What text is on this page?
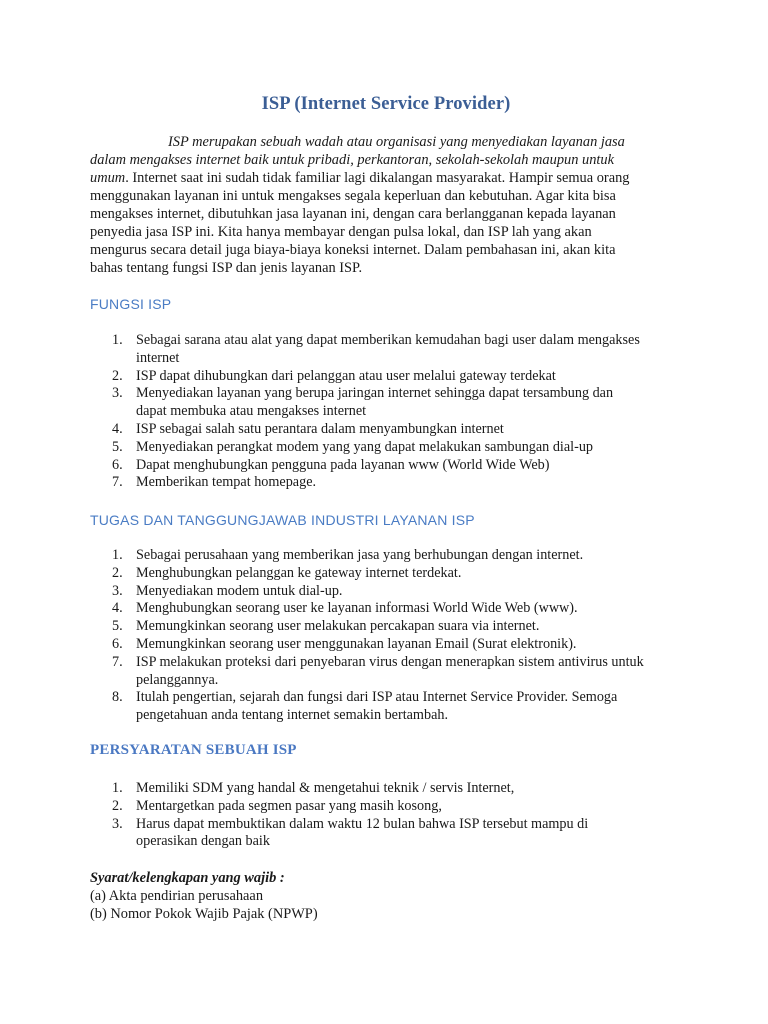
ISP (Internet Service Provider)
ISP merupakan sebuah wadah atau organisasi yang menyediakan layanan jasa
dalam mengakses internet baik untuk pribadi, perkantoran, sekolah-sekolah maupun untuk
umum. Internet saat ini sudah tidak familiar lagi dikalangan masyarakat. Hampir semua orang
menggunakan layanan ini untuk mengakses segala keperluan dan kebutuhan. Agar kita bisa
mengakses internet, dibutuhkan jasa layanan ini, dengan cara berlangganan kepada layanan
penyedia jasa ISP ini. Kita hanya membayar dengan pulsa lokal, dan ISP lah yang akan
mengurus secara detail juga biaya-biaya koneksi internet. Dalam pembahasan ini, akan kita
bahas tentang fungsi ISP dan jenis layanan ISP.
FUNGSI ISP
1. Sebagai sarana atau alat yang dapat memberikan kemudahan bagi user dalam mengakses
internet
2. ISP dapat dihubungkan dari pelanggan atau user melalui gateway terdekat
3. Menyediakan layanan yang berupa jaringan internet sehingga dapat tersambung dan
dapat membuka atau mengakses internet
4. ISP sebagai salah satu perantara dalam menyambungkan internet
5. Menyediakan perangkat modem yang yang dapat melakukan sambungan dial-up
6. Dapat menghubungkan pengguna pada layanan www (World Wide Web)
7. Memberikan tempat homepage.
TUGAS DAN TANGGUNGJAWAB INDUSTRI LAYANAN ISP
1. Sebagai perusahaan yang memberikan jasa yang berhubungan dengan internet.
2. Menghubungkan pelanggan ke gateway internet terdekat.
3. Menyediakan modem untuk dial-up.
4. Menghubungkan seorang user ke layanan informasi World Wide Web (www).
5. Memungkinkan seorang user melakukan percakapan suara via internet.
6. Memungkinkan seorang user menggunakan layanan Email (Surat elektronik).
7. ISP melakukan proteksi dari penyebaran virus dengan menerapkan sistem antivirus untuk
pelanggannya.
8. Itulah pengertian, sejarah dan fungsi dari ISP atau Internet Service Provider. Semoga
pengetahuan anda tentang internet semakin bertambah.
PERSYARATAN SEBUAH ISP
1. Memiliki SDM yang handal & mengetahui teknik / servis Internet,
2. Mentargetkan pada segmen pasar yang masih kosong,
3. Harus dapat membuktikan dalam waktu 12 bulan bahwa ISP tersebut mampu di
operasikan dengan baik
Syarat/kelengkapan yang wajib :
(a) Akta pendirian perusahaan
(b) Nomor Pokok Wajib Pajak (NPWP)
